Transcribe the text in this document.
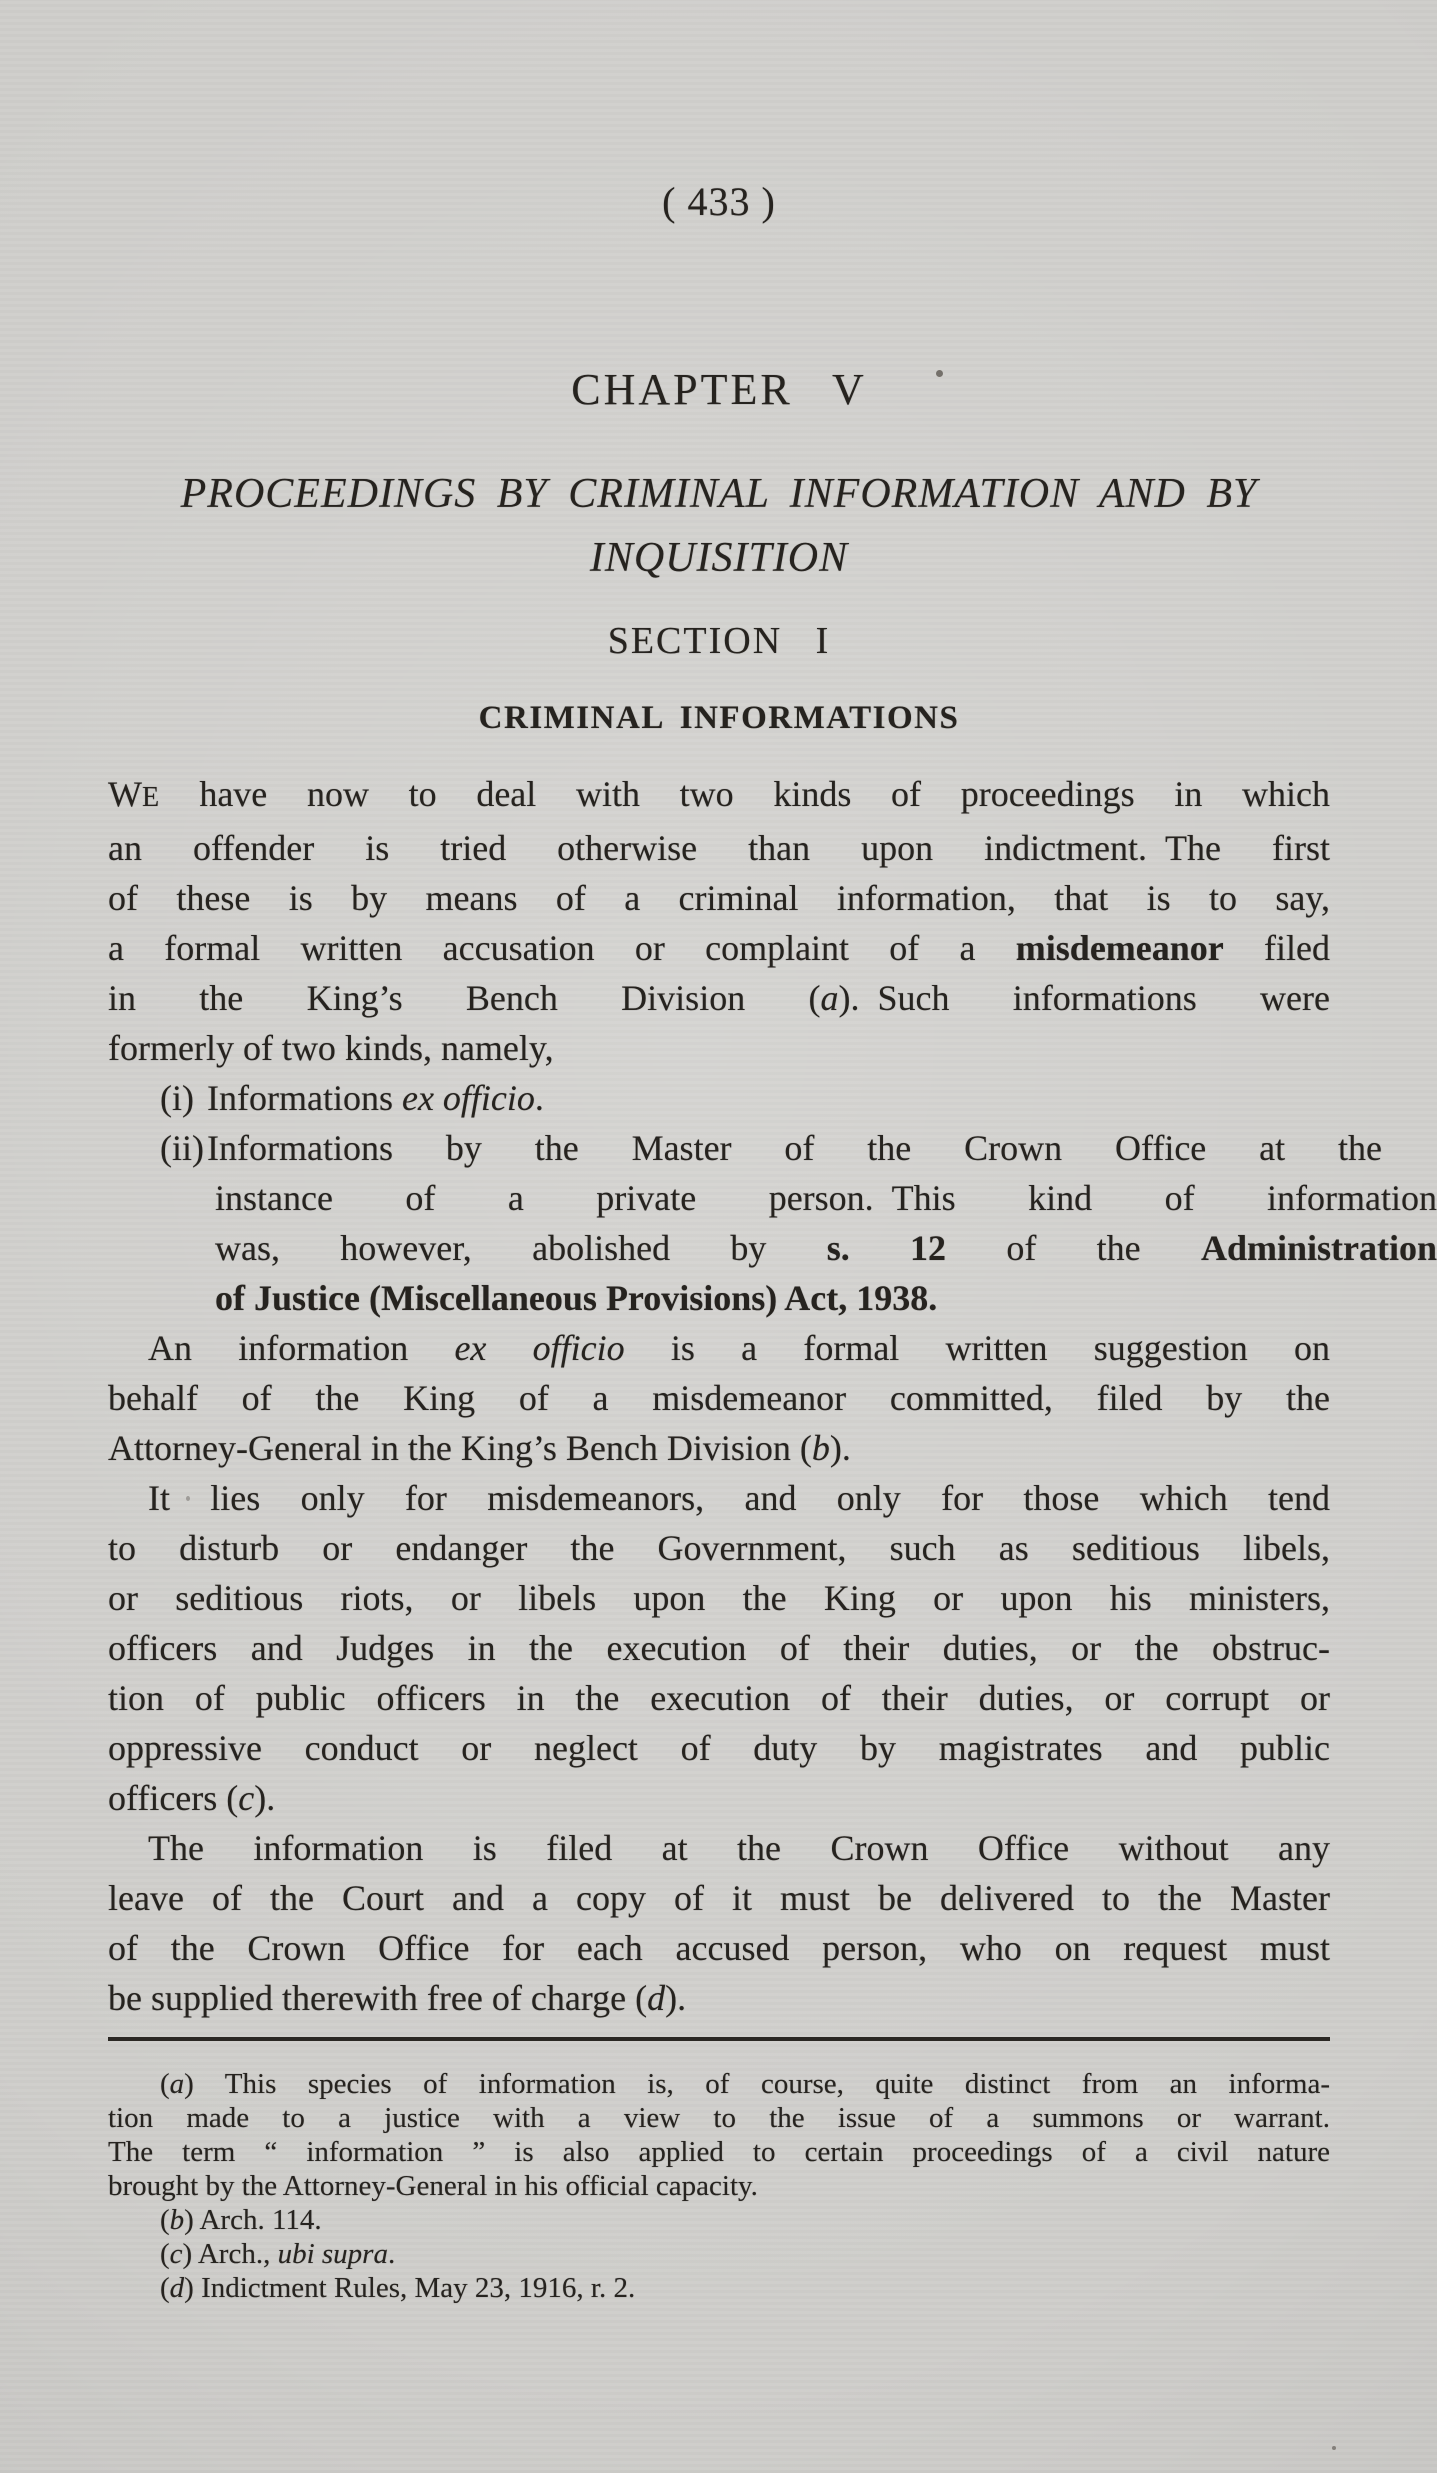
( 433 )
CHAPTER V
PROCEEDINGS BY CRIMINAL INFORMATION AND BY
INQUISITION
SECTION I
CRIMINAL INFORMATIONS
WE have now to deal with two kinds of proceedings in which
an offender is tried otherwise than upon indictment. The first
of these is by means of a criminal information, that is to say,
a formal written accusation or complaint of a misdemeanor filed
in the King’s Bench Division (a). Such informations were
formerly of two kinds, namely,
(i) Informations ex officio.
(ii)Informations by the Master of the Crown Office at the
instance of a private person. This kind of information
was, however, abolished by s. 12 of the Administration
of Justice (Miscellaneous Provisions) Act, 1938.
An information ex officio is a formal written suggestion on
behalf of the King of a misdemeanor committed, filed by the
Attorney-General in the King’s Bench Division (b).
It lies only for misdemeanors, and only for those which tend
to disturb or endanger the Government, such as seditious libels,
or seditious riots, or libels upon the King or upon his ministers,
officers and Judges in the execution of their duties, or the obstruc-
tion of public officers in the execution of their duties, or corrupt or
oppressive conduct or neglect of duty by magistrates and public
officers (c).
The information is filed at the Crown Office without any
leave of the Court and a copy of it must be delivered to the Master
of the Crown Office for each accused person, who on request must
be supplied therewith free of charge (d).
(a) This species of information is, of course, quite distinct from an informa-
tion made to a justice with a view to the issue of a summons or warrant.
The term “ information ” is also applied to certain proceedings of a civil nature
brought by the Attorney-General in his official capacity.
(b) Arch. 114.
(c) Arch., ubi supra.
(d) Indictment Rules, May 23, 1916, r. 2.
